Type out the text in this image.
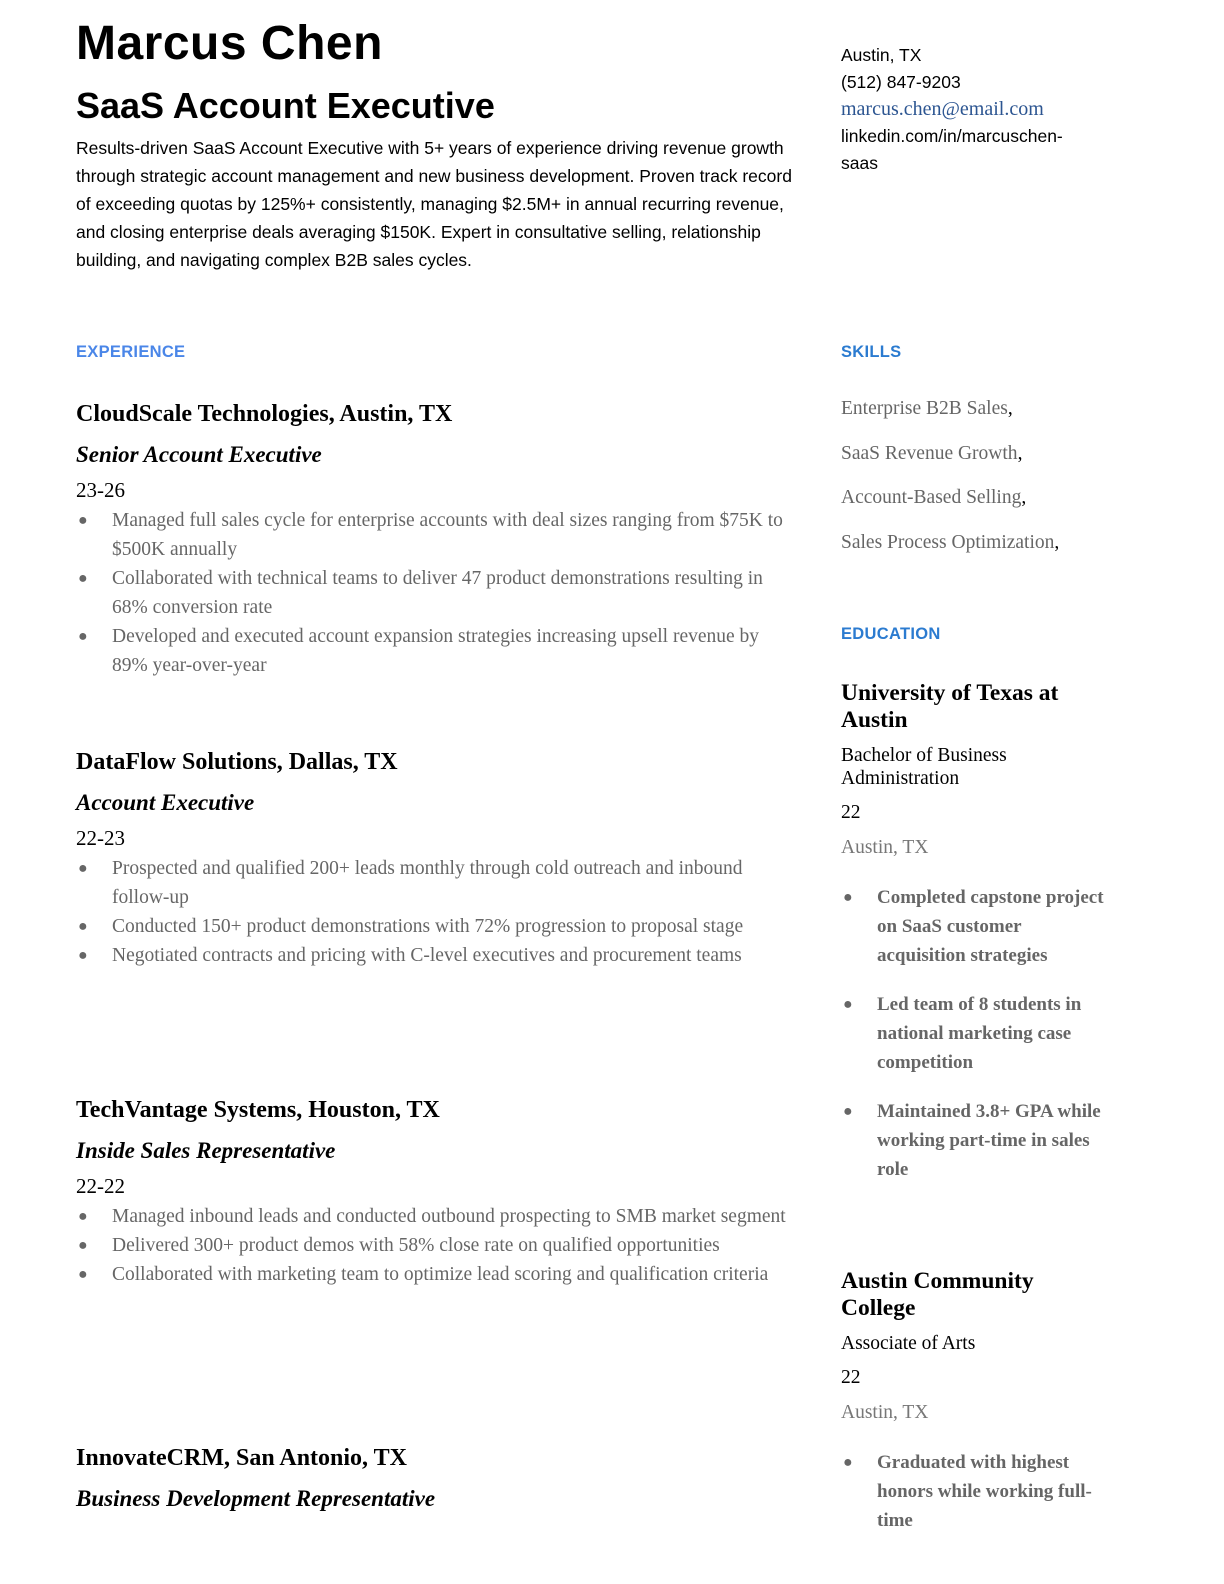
Marcus Chen
SaaS Account Executive

Results-driven SaaS Account Executive with 5+ years of experience driving revenue growth through strategic account management and new business development. Proven track record of exceeding quotas by 125%+ consistently, managing $2.5M+ in annual recurring revenue, and closing enterprise deals averaging $150K. Expert in consultative selling, relationship building, and navigating complex B2B sales cycles.

Austin, TX
(512) 847-9203
marcus.chen@email.com
linkedin.com/in/marcuschen-
saas
EXPERIENCE	SKILLS
EDUCATION
CloudScale Technologies, Austin, TX
Senior Account Executive
23-26
● Managed full sales cycle for enterprise accounts with deal sizes ranging from $75K to $500K annually
● Collaborated with technical teams to deliver 47 product demonstrations resulting in 68% conversion rate
● Developed and executed account expansion strategies increasing upsell revenue by 89% year-over-year
DataFlow Solutions, Dallas, TX
Account Executive
22-23
● Prospected and qualified 200+ leads monthly through cold outreach and inbound follow-up
● Conducted 150+ product demonstrations with 72% progression to proposal stage
● Negotiated contracts and pricing with C-level executives and procurement teams
TechVantage Systems, Houston, TX
Inside Sales Representative
22-22
● Managed inbound leads and conducted outbound prospecting to SMB market segment
● Delivered 300+ product demos with 58% close rate on qualified opportunities
● Collaborated with marketing team to optimize lead scoring and qualification criteria
InnovateCRM, San Antonio, TX
Business Development Representative
Enterprise B2B Sales,
SaaS Revenue Growth,
Account-Based Selling,
Sales Process Optimization,
University of Texas at Austin
Bachelor of Business Administration
22
Austin, TX
● Completed capstone project on SaaS customer acquisition strategies
● Led team of 8 students in national marketing case competition
● Maintained 3.8+ GPA while working part-time in sales role
Austin Community College
Associate of Arts
22
Austin, TX
● Graduated with highest honors while working full-time
